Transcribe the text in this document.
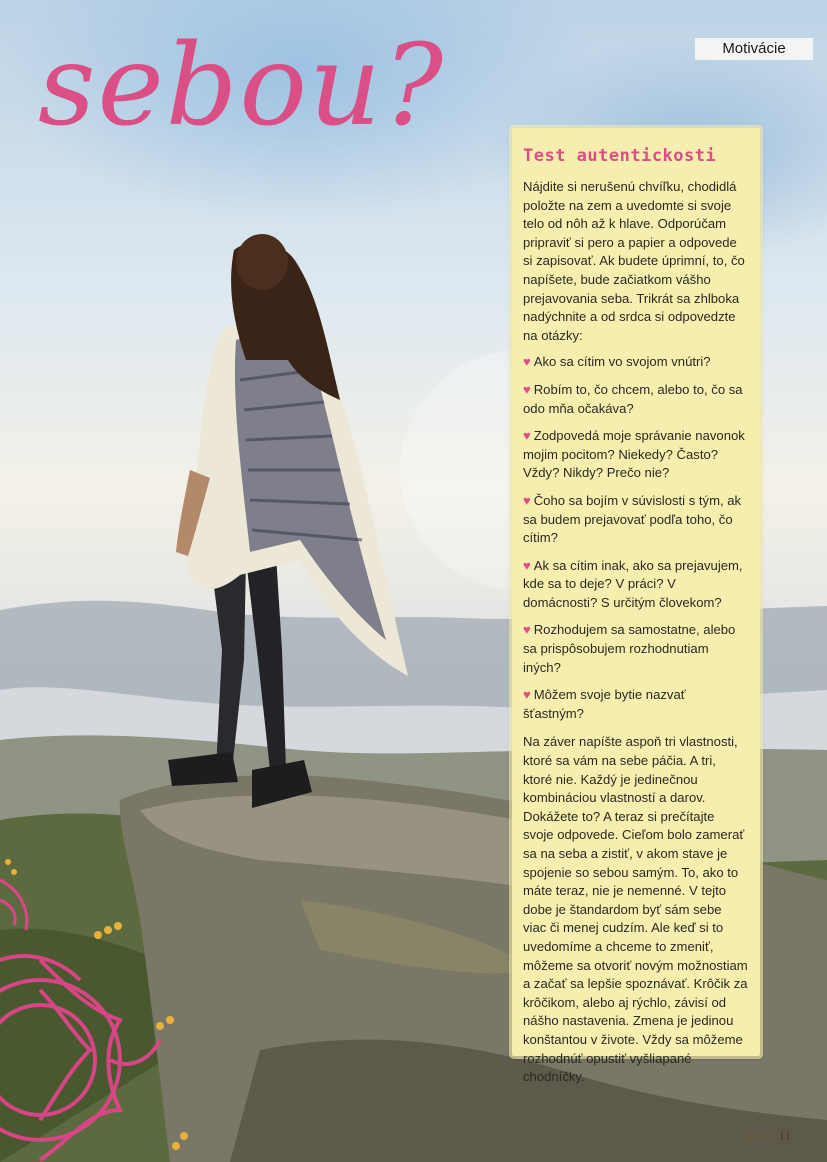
Motivácie
sebou?
Test autentickosti

Nájdite si nerušenú chvíľku, chodidlá položte na zem a uvedomte si svoje telo od nôh až k hlave. Odporúčam pripraviť si pero a papier a odpovede si zapisovať. Ak budete úprimní, to, čo napíšete, bude začiatkom vášho prejavovania seba. Trikrát sa zhlboka nadýchnite a od srdca si odpovedzte na otázky:

♥ Ako sa cítim vo svojom vnútri?
♥ Robím to, čo chcem, alebo to, čo sa odo mňa očakáva?
♥ Zodpovedá moje správanie navonok mojim pocitom? Niekedy? Často? Vždy? Nikdy? Prečo nie?
♥ Čoho sa bojím v súvislosti s tým, ak sa budem prejavovať podľa toho, čo cítim?
♥ Ak sa cítim inak, ako sa prejavujem, kde sa to deje? V práci? V domácnosti? S určitým človekom?
♥ Rozhodujem sa samostatne, alebo sa prispôsobujem rozhodnutiam iných?
♥ Môžem svoje bytie nazvať šťastným?

Na záver napíšte aspoň tri vlastnosti, ktoré sa vám na sebe páčia. A tri, ktoré nie. Každý je jedinečnou kombináciou vlastností a darov. Dokážete to? A teraz si prečítajte svoje odpovede. Cieľom bolo zamerať sa na seba a zistiť, v akom stave je spojenie so sebou samým. To, ako to máte teraz, nie je nemenné. V tejto dobe je štandardom byť sám sebe viac či menej cudzím. Ale keď si to uvedomíme a chceme to zmeniť, môžeme sa otvoriť novým možnostiam a začať sa lepšie spoznávať. Krôčik za krôčikom, alebo aj rýchlo, závisí od nášho nastavenia. Zmena je jedinou konštantou v živote. Vždy sa môžeme rozhodnúť opustiť vyšliapané chodníčky.

Zelans 11
